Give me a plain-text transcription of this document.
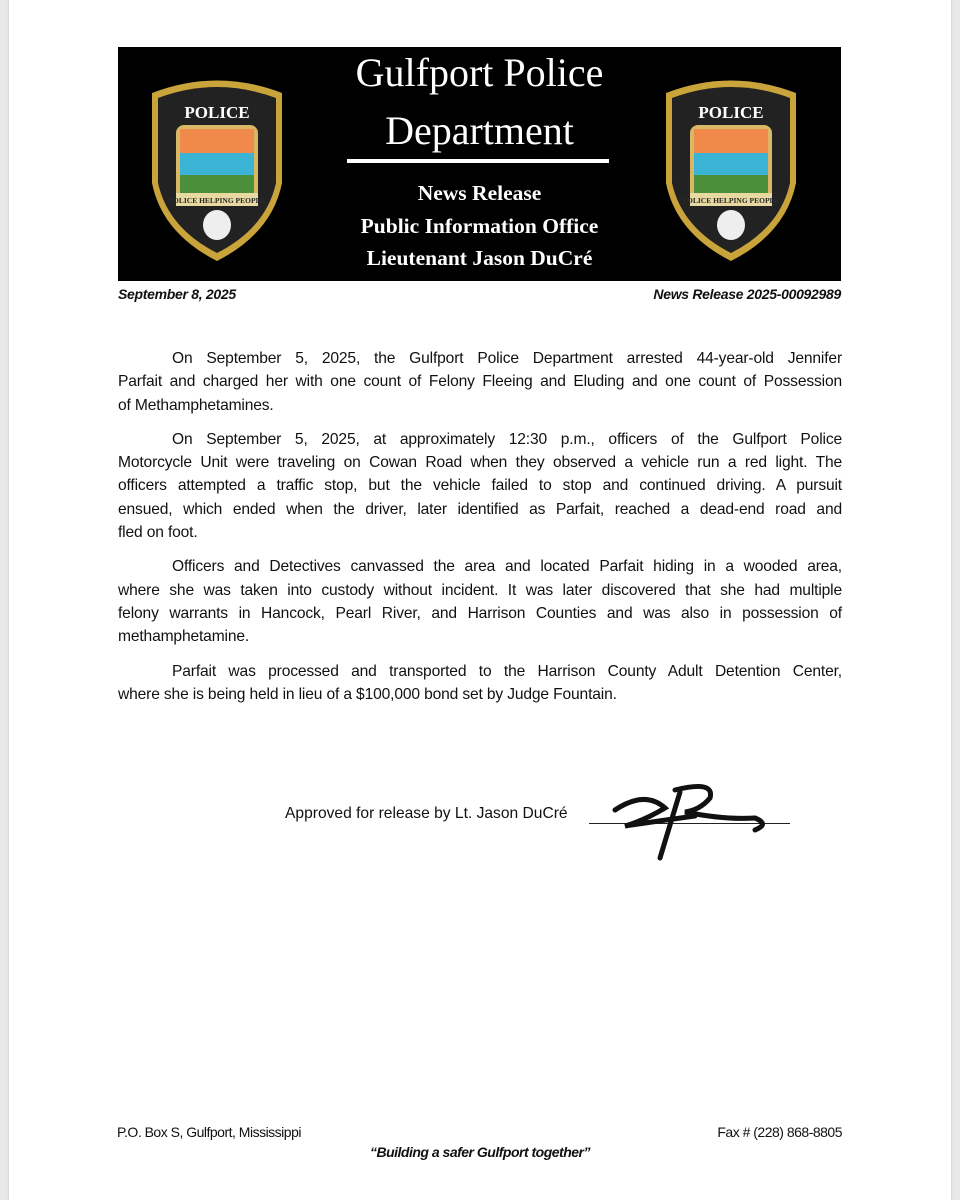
POLICE HELPING PEOPLE
POLICE
Gulfport Police
Department
News Release
Public Information Office
Lieutenant Jason DuCré
POLICE HELPING PEOPLE
POLICE
September 8, 2025	News Release 2025-00092989
On September 5, 2025, the Gulfport Police Department arrested 44-year-old Jennifer
Parfait and charged her with one count of Felony Fleeing and Eluding and one count of Possession
of Methamphetamines.
On September 5, 2025, at approximately 12:30 p.m., officers of the Gulfport Police
Motorcycle Unit were traveling on Cowan Road when they observed a vehicle run a red light. The
officers attempted a traffic stop, but the vehicle failed to stop and continued driving. A pursuit
ensued, which ended when the driver, later identified as Parfait, reached a dead-end road and
fled on foot.
Officers and Detectives canvassed the area and located Parfait hiding in a wooded area,
where she was taken into custody without incident. It was later discovered that she had multiple
felony warrants in Hancock, Pearl River, and Harrison Counties and was also in possession of
methamphetamine.
Parfait was processed and transported to the Harrison County Adult Detention Center,
where she is being held in lieu of a $100,000 bond set by Judge Fountain.
Approved for release by Lt. Jason DuCré
P.O. Box S, Gulfport, Mississippi	Fax # (228) 868-8805
“Building a safer Gulfport together”
